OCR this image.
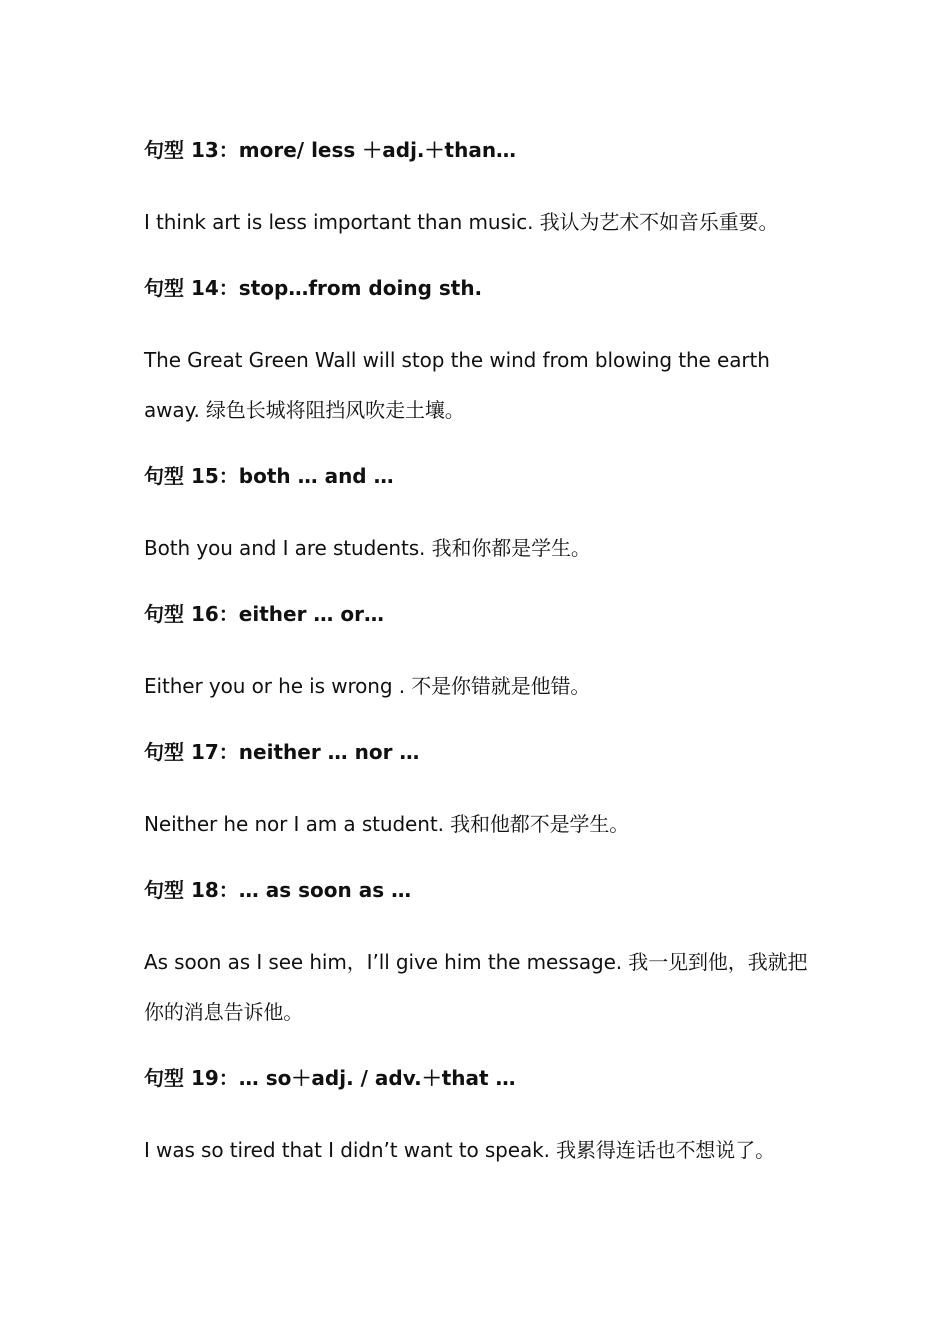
句型 13：more/ less ＋adj.＋than…
I think art is less important than music. 我认为艺术不如音乐重要。
句型 14：stop…from doing sth.
The Great Green Wall will stop the wind from blowing the earth away. 绿色长城将阻挡风吹走土壤。
句型 15：both … and …
Both you and I are students. 我和你都是学生。
句型 16：either … or…
Either you or he is wrong . 不是你错就是他错。
句型 17：neither … nor …
Neither he nor I am a student. 我和他都不是学生。
句型 18：… as soon as …
As soon as I see him，I’ll give him the message. 我一见到他，我就把你的消息告诉他。
句型 19：… so＋adj. / adv.＋that …
I was so tired that I didn’t want to speak. 我累得连话也不想说了。
